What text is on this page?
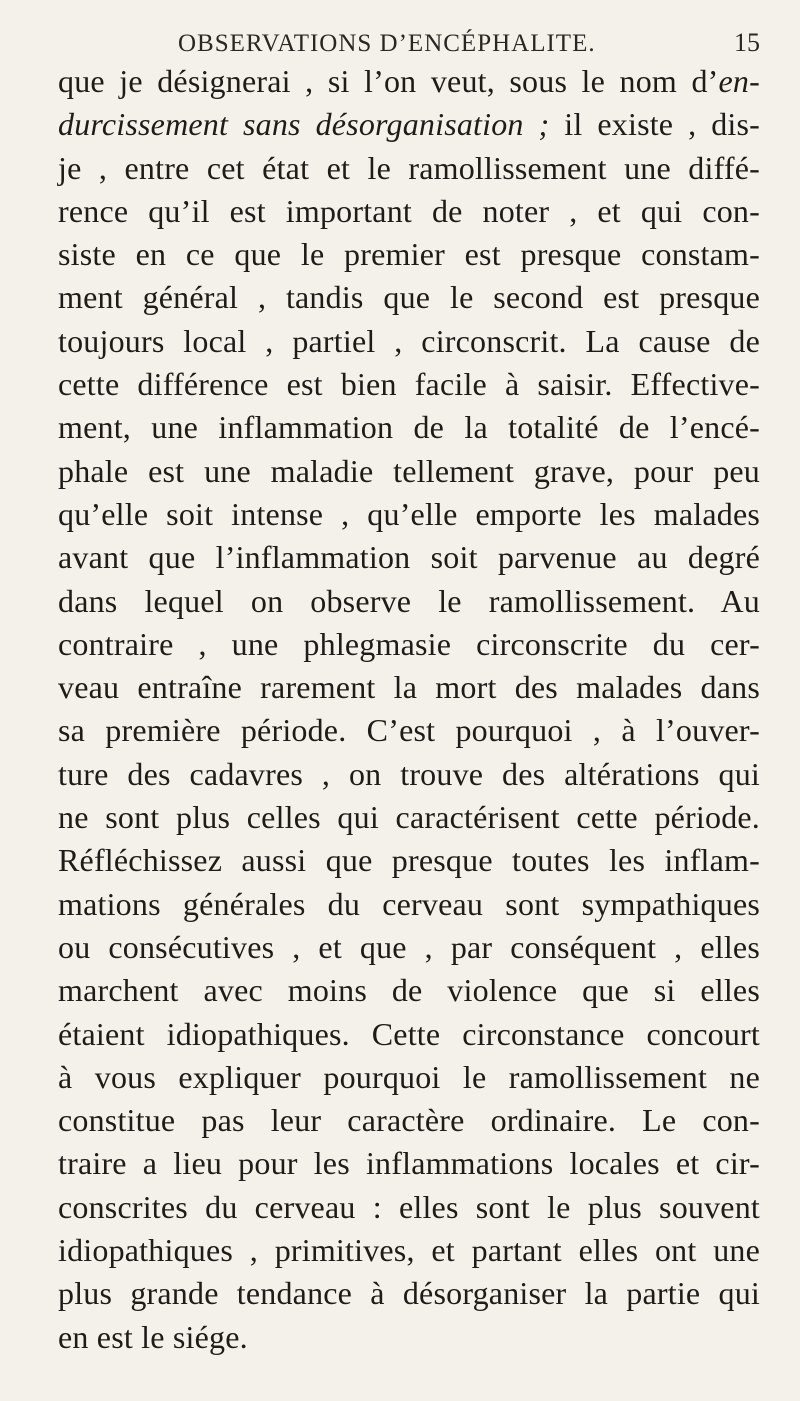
OBSERVATIONS D’ENCÉPHALITE.	15
que je désignerai , si l’on veut, sous le nom d’en-
durcissement sans désorganisation ; il existe , dis-
je , entre cet état et le ramollissement une diffé-
rence qu’il est important de noter , et qui con-
siste en ce que le premier est presque constam-
ment général , tandis que le second est presque
toujours local , partiel , circonscrit. La cause de
cette différence est bien facile à saisir. Effective-
ment, une inflammation de la totalité de l’encé-
phale est une maladie tellement grave, pour peu
qu’elle soit intense , qu’elle emporte les malades
avant que l’inflammation soit parvenue au degré
dans lequel on observe le ramollissement. Au
contraire , une phlegmasie circonscrite du cer-
veau entraîne rarement la mort des malades dans
sa première période. C’est pourquoi , à l’ouver-
ture des cadavres , on trouve des altérations qui
ne sont plus celles qui caractérisent cette période.
Réfléchissez aussi que presque toutes les inflam-
mations générales du cerveau sont sympathiques
ou consécutives , et que , par conséquent , elles
marchent avec moins de violence que si elles
étaient idiopathiques. Cette circonstance concourt
à vous expliquer pourquoi le ramollissement ne
constitue pas leur caractère ordinaire. Le con-
traire a lieu pour les inflammations locales et cir-
conscrites du cerveau : elles sont le plus souvent
idiopathiques , primitives, et partant elles ont une
plus grande tendance à désorganiser la partie qui
en est le siége.
